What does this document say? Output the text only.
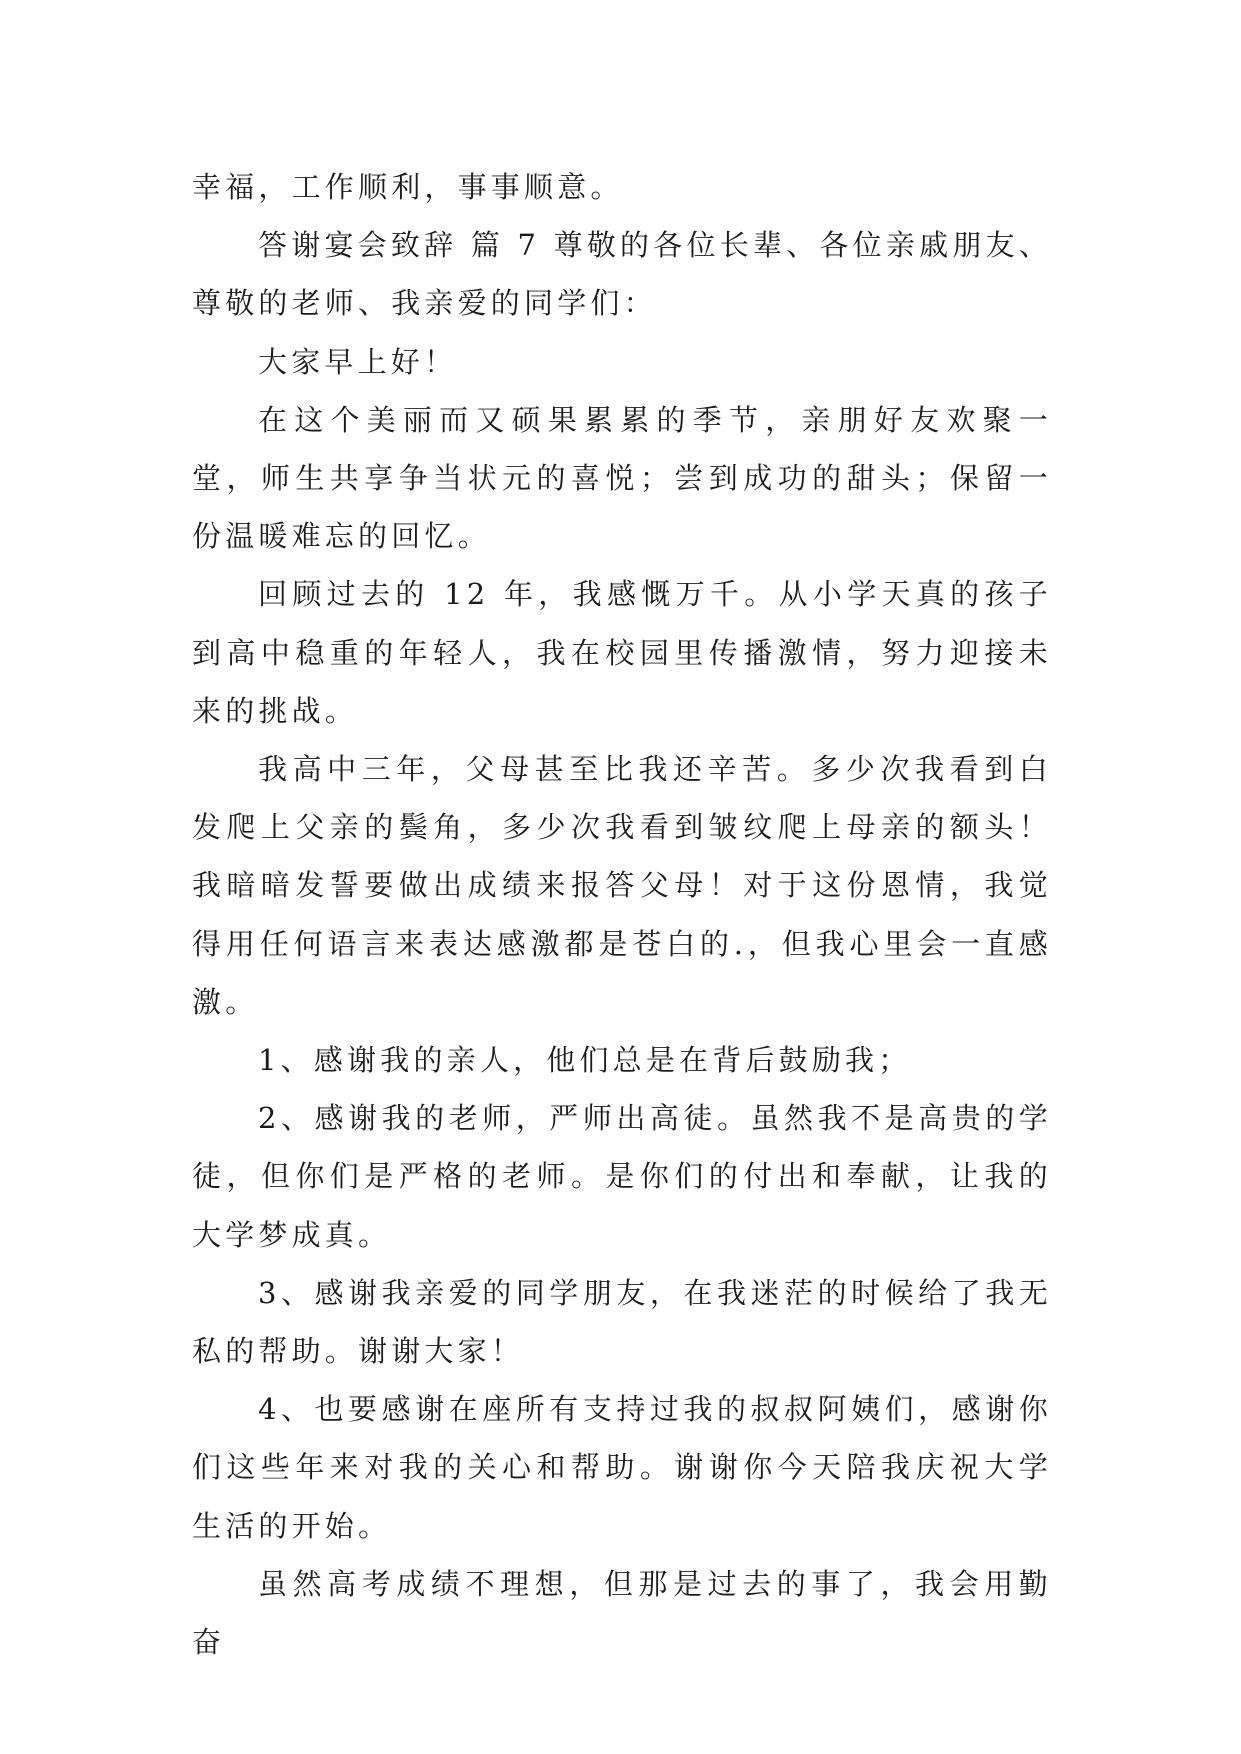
幸福，工作顺利，事事顺意。

答谢宴会致辞 篇 7 尊敬的各位长辈、各位亲戚朋友、尊敬的老师、我亲爱的同学们：

大家早上好！

在这个美丽而又硕果累累的季节，亲朋好友欢聚一堂，师生共享争当状元的喜悦；尝到成功的甜头；保留一份温暖难忘的回忆。

回顾过去的 12 年，我感慨万千。从小学天真的孩子到高中稳重的年轻人，我在校园里传播激情，努力迎接未来的挑战。

我高中三年，父母甚至比我还辛苦。多少次我看到白发爬上父亲的鬓角，多少次我看到皱纹爬上母亲的额头！我暗暗发誓要做出成绩来报答父母！对于这份恩情，我觉得用任何语言来表达感激都是苍白的.，但我心里会一直感激。

1、感谢我的亲人，他们总是在背后鼓励我；

2、感谢我的老师，严师出高徒。虽然我不是高贵的学徒，但你们是严格的老师。是你们的付出和奉献，让我的大学梦成真。

3、感谢我亲爱的同学朋友，在我迷茫的时候给了我无私的帮助。谢谢大家！

4、也要感谢在座所有支持过我的叔叔阿姨们，感谢你们这些年来对我的关心和帮助。谢谢你今天陪我庆祝大学生活的开始。

虽然高考成绩不理想，但那是过去的事了，我会用勤奋
